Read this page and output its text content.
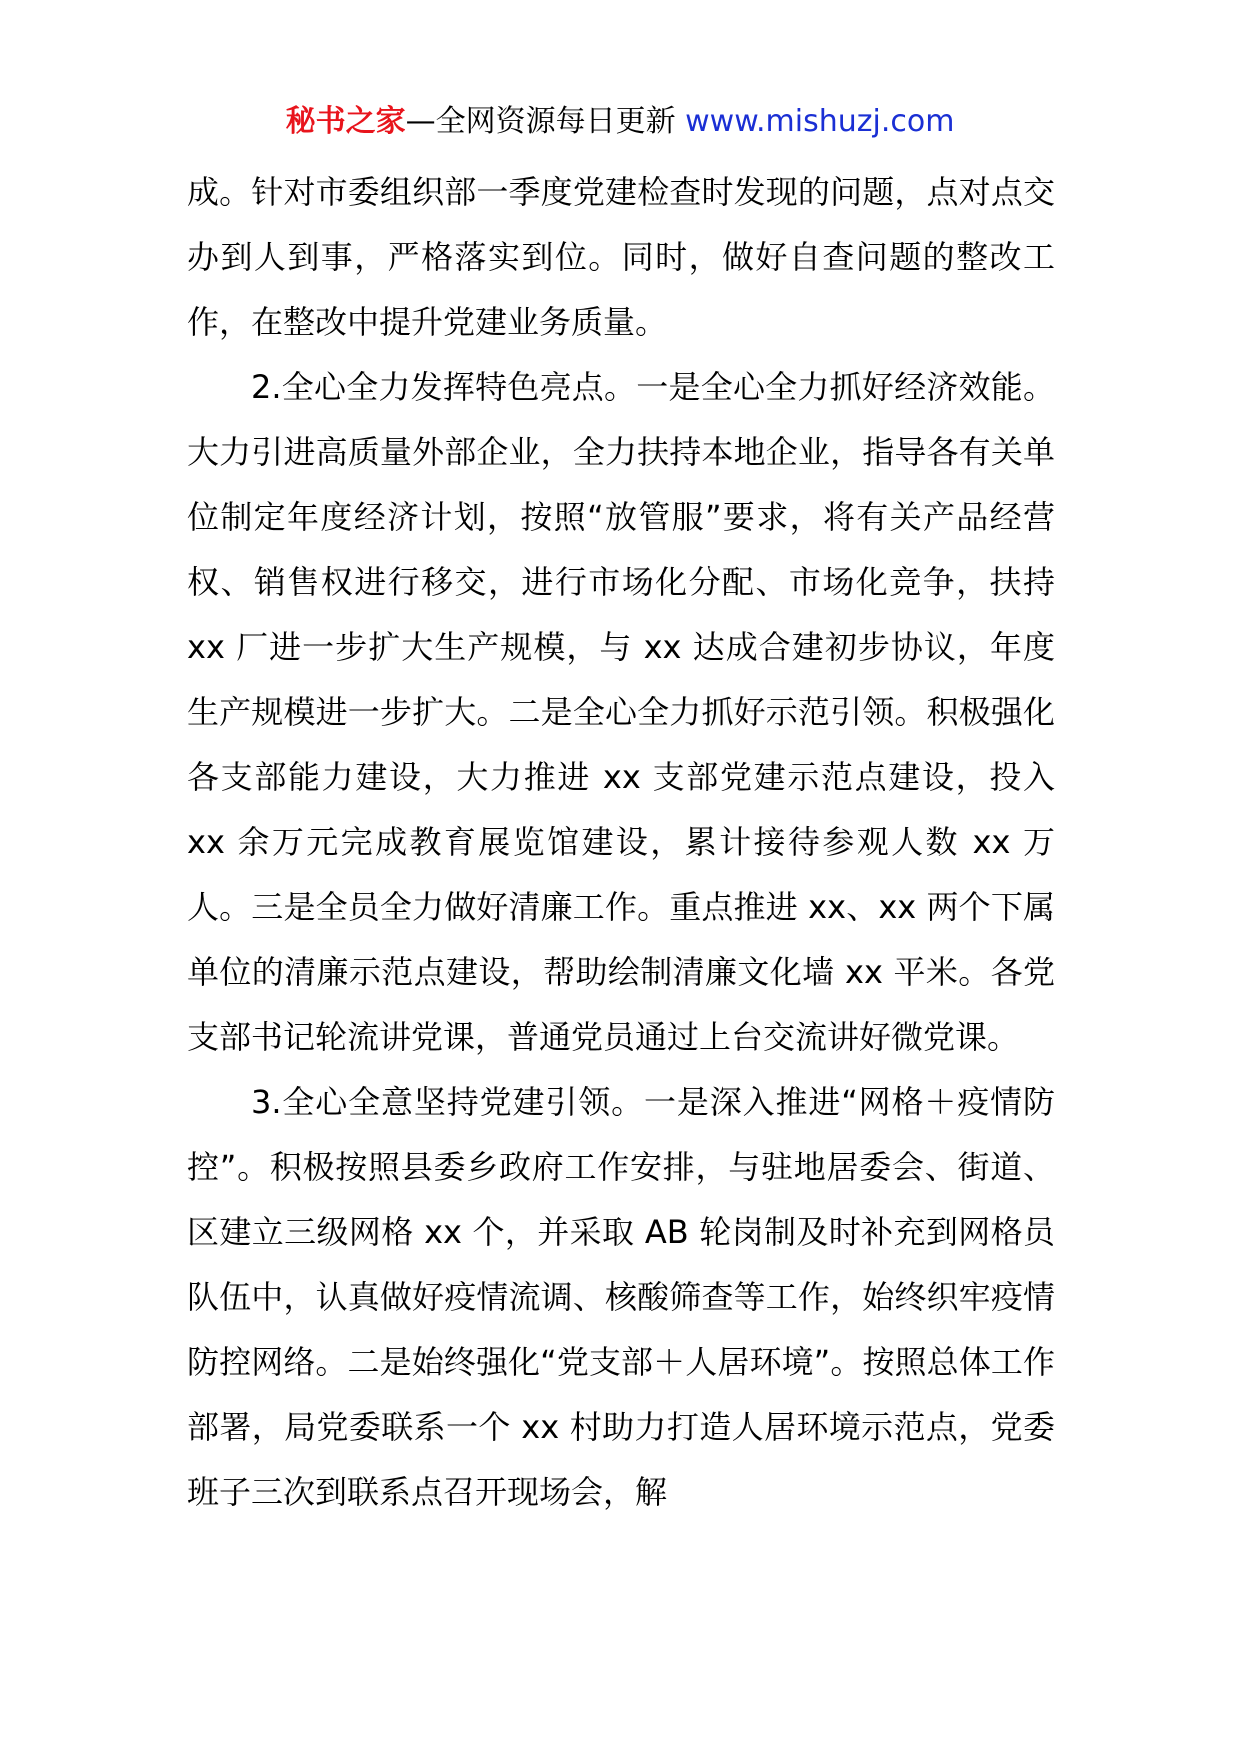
秘书之家—全网资源每日更新 www.mishuzj.com

成。针对市委组织部一季度党建检查时发现的问题，点对点交办到人到事，严格落实到位。同时，做好自查问题的整改工作，在整改中提升党建业务质量。

2.全心全力发挥特色亮点。一是全心全力抓好经济效能。大力引进高质量外部企业，全力扶持本地企业，指导各有关单位制定年度经济计划，按照“放管服”要求，将有关产品经营权、销售权进行移交，进行市场化分配、市场化竞争，扶持 xx 厂进一步扩大生产规模，与 xx 达成合建初步协议，年度生产规模进一步扩大。二是全心全力抓好示范引领。积极强化各支部能力建设，大力推进 xx 支部党建示范点建设，投入 xx 余万元完成教育展览馆建设，累计接待参观人数 xx 万人。三是全员全力做好清廉工作。重点推进 xx、xx 两个下属单位的清廉示范点建设，帮助绘制清廉文化墙 xx 平米。各党支部书记轮流讲党课，普通党员通过上台交流讲好微党课。

3.全心全意坚持党建引领。一是深入推进“网格＋疫情防控”。积极按照县委乡政府工作安排，与驻地居委会、街道、区建立三级网格 xx 个，并采取 AB 轮岗制及时补充到网格员队伍中，认真做好疫情流调、核酸筛查等工作，始终织牢疫情防控网络。二是始终强化“党支部＋人居环境”。按照总体工作部署，局党委联系一个 xx 村助力打造人居环境示范点，党委班子三次到联系点召开现场会，解
